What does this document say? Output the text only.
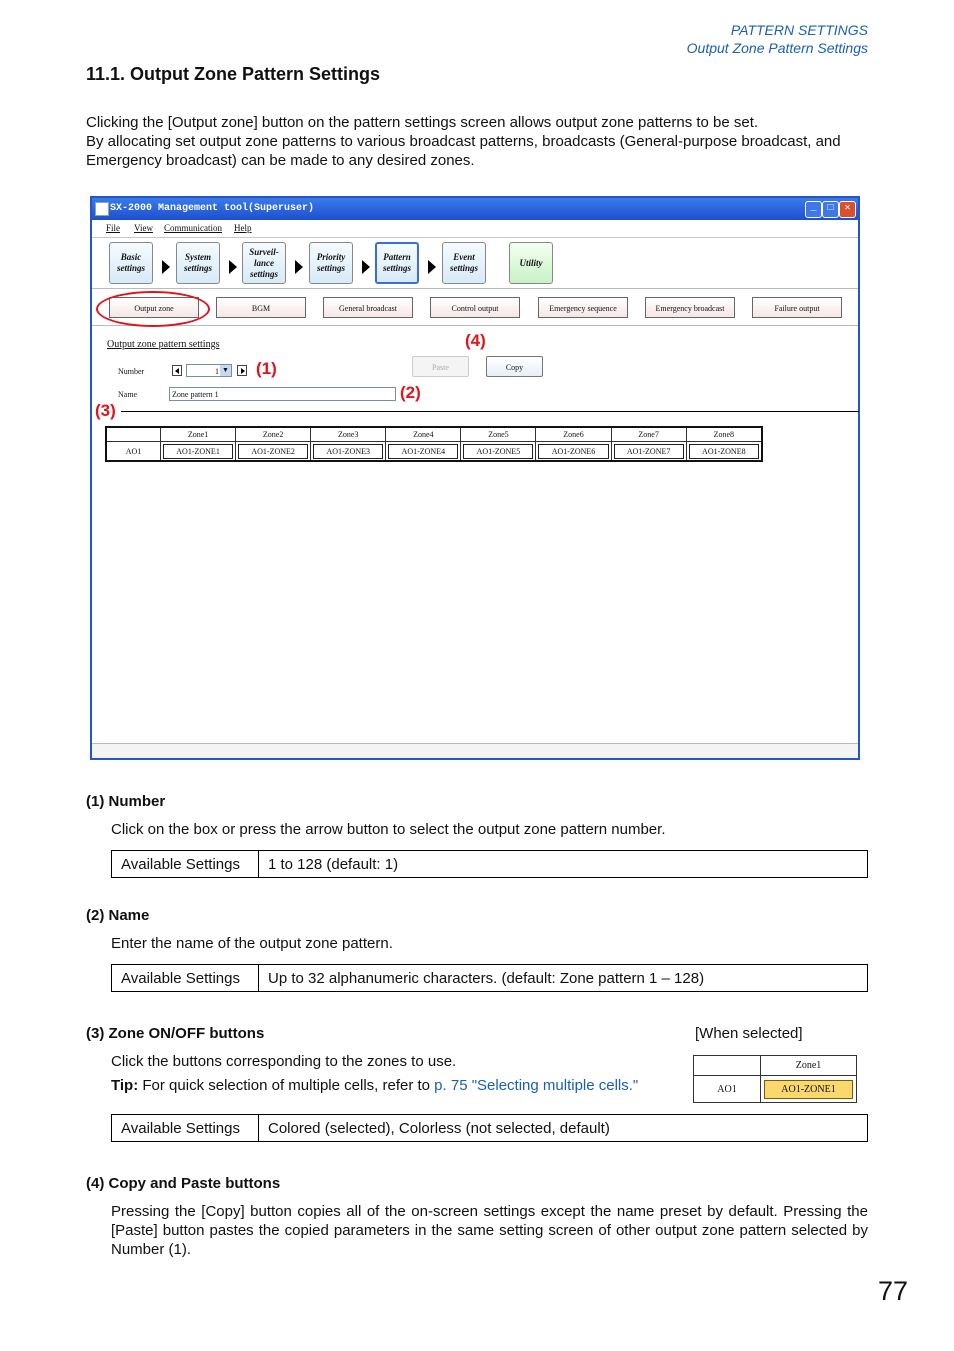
PATTERN SETTINGS
Output Zone Pattern Settings
11.1. Output Zone Pattern Settings
Clicking the [Output zone] button on the pattern settings screen allows output zone patterns to be set.
By allocating set output zone patterns to various broadcast patterns, broadcasts (General-purpose broadcast, and Emergency broadcast) can be made to any desired zones.
SX-2000 Management tool(Superuser)	_	□	✕
File View Communication Help
Basic settings
System settings
Surveil-lance settings
Priority settings
Pattern settings
Event settings
Utility
Output zone	BGM	General broadcast	Control output	Emergency sequence	Emergency broadcast	Failure output
Output zone pattern settings
Number	1 ▼
Name	Zone pattern 1
Paste	Copy
	Zone1	Zone2	Zone3	Zone4	Zone5	Zone6	Zone7	Zone8
AO1	AO1-ZONE1	AO1-ZONE2	AO1-ZONE3	AO1-ZONE4	AO1-ZONE5	AO1-ZONE6	AO1-ZONE7	AO1-ZONE8
(1)
(2)
(3)
(4)
(1) Number
Click on the box or press the arrow button to select the output zone pattern number.
Available Settings	1 to 128 (default: 1)
(2) Name
Enter the name of the output zone pattern.
Available Settings	Up to 32 alphanumeric characters. (default: Zone pattern 1 – 128)
(3) Zone ON/OFF buttons	[When selected]
Click the buttons corresponding to the zones to use.
Tip: For quick selection of multiple cells, refer to p. 75 "Selecting multiple cells."
	Zone1
AO1	AO1-ZONE1
Available Settings	Colored (selected), Colorless (not selected, default)
(4) Copy and Paste buttons
Pressing the [Copy] button copies all of the on-screen settings except the name preset by default. Pressing the [Paste] button pastes the copied parameters in the same setting screen of other output zone pattern selected by Number (1).
77
